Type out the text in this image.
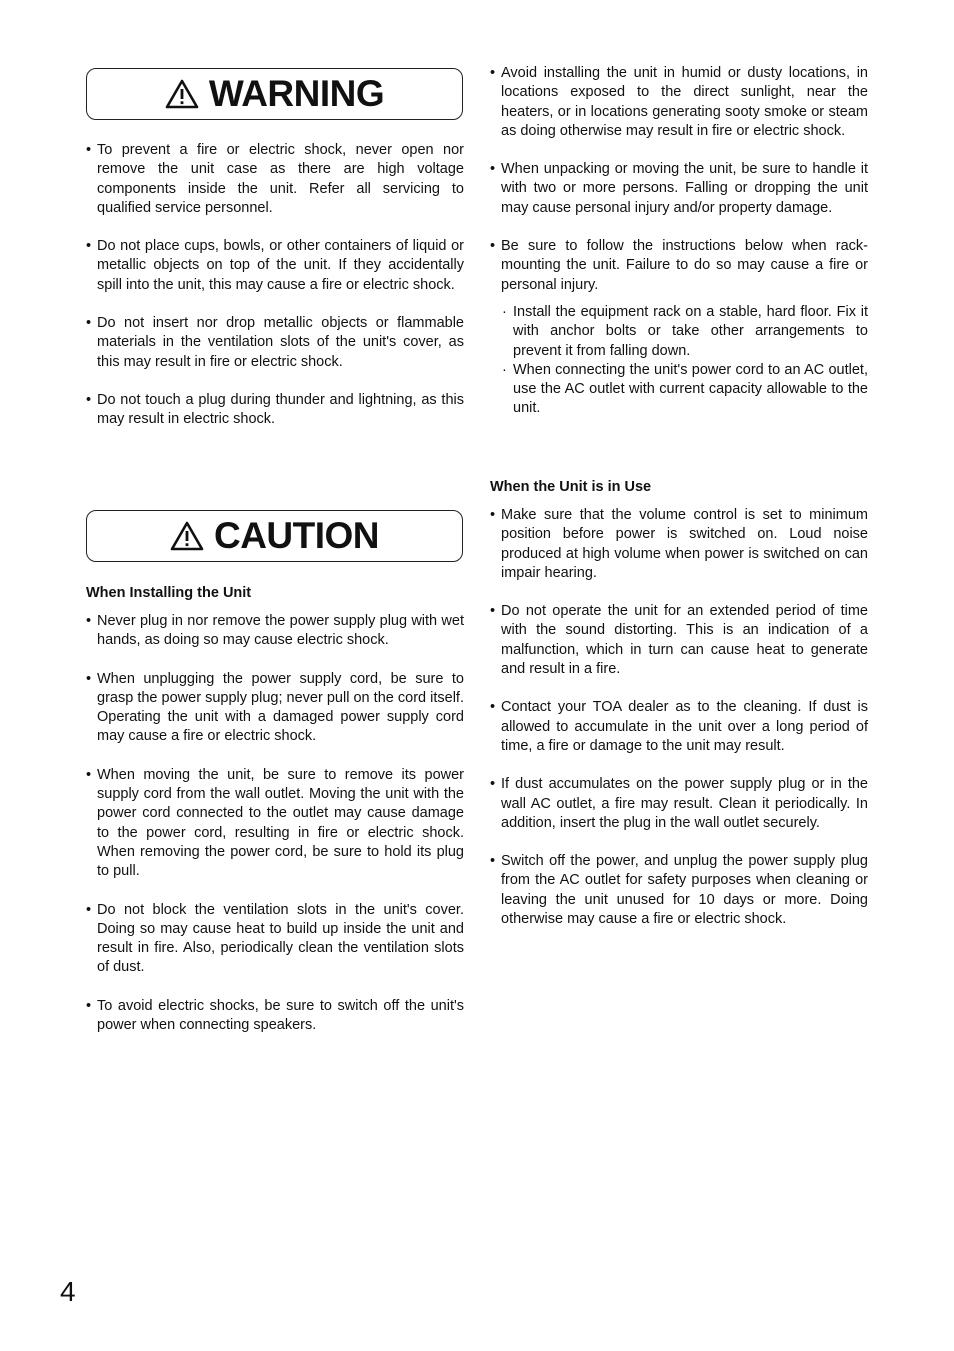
WARNING
• To prevent a fire or electric shock, never open nor remove the unit case as there are high voltage components inside the unit. Refer all servicing to qualified service personnel.
• Do not place cups, bowls, or other containers of liquid or metallic objects on top of the unit. If they accidentally spill into the unit, this may cause a fire or electric shock.
• Do not insert nor drop metallic objects or flammable materials in the ventilation slots of the unit's cover, as this may result in fire or electric shock.
• Do not touch a plug during thunder and lightning, as this may result in electric shock.
CAUTION
When Installing the Unit
• Never plug in nor remove the power supply plug with wet hands, as doing so may cause electric shock.
• When unplugging the power supply cord, be sure to grasp the power supply plug; never pull on the cord itself. Operating the unit with a damaged power supply cord may cause a fire or electric shock.
• When moving the unit, be sure to remove its power supply cord from the wall outlet. Moving the unit with the power cord connected to the outlet may cause damage to the power cord, resulting in fire or electric shock. When removing the power cord, be sure to hold its plug to pull.
• Do not block the ventilation slots in the unit's cover. Doing so may cause heat to build up inside the unit and result in fire. Also, periodically clean the ventilation slots of dust.
• To avoid electric shocks, be sure to switch off the unit's power when connecting speakers.
• Avoid installing the unit in humid or dusty locations, in locations exposed to the direct sunlight, near the heaters, or in locations generating sooty smoke or steam as doing otherwise may result in fire or electric shock.
• When unpacking or moving the unit, be sure to handle it with two or more persons. Falling or dropping the unit may cause personal injury and/or property damage.
• Be sure to follow the instructions below when rack-mounting the unit. Failure to do so may cause a fire or personal injury.
· Install the equipment rack on a stable, hard floor. Fix it with anchor bolts or take other arrangements to prevent it from falling down.
· When connecting the unit's power cord to an AC outlet, use the AC outlet with current capacity allowable to the unit.
When the Unit is in Use
• Make sure that the volume control is set to minimum position before power is switched on. Loud noise produced at high volume when power is switched on can impair hearing.
• Do not operate the unit for an extended period of time with the sound distorting. This is an indication of a malfunction, which in turn can cause heat to generate and result in a fire.
• Contact your TOA dealer as to the cleaning. If dust is allowed to accumulate in the unit over a long period of time, a fire or damage to the unit may result.
• If dust accumulates on the power supply plug or in the wall AC outlet, a fire may result. Clean it periodically. In addition, insert the plug in the wall outlet securely.
• Switch off the power, and unplug the power supply plug from the AC outlet for safety purposes when cleaning or leaving the unit unused for 10 days or more. Doing otherwise may cause a fire or electric shock.
4
